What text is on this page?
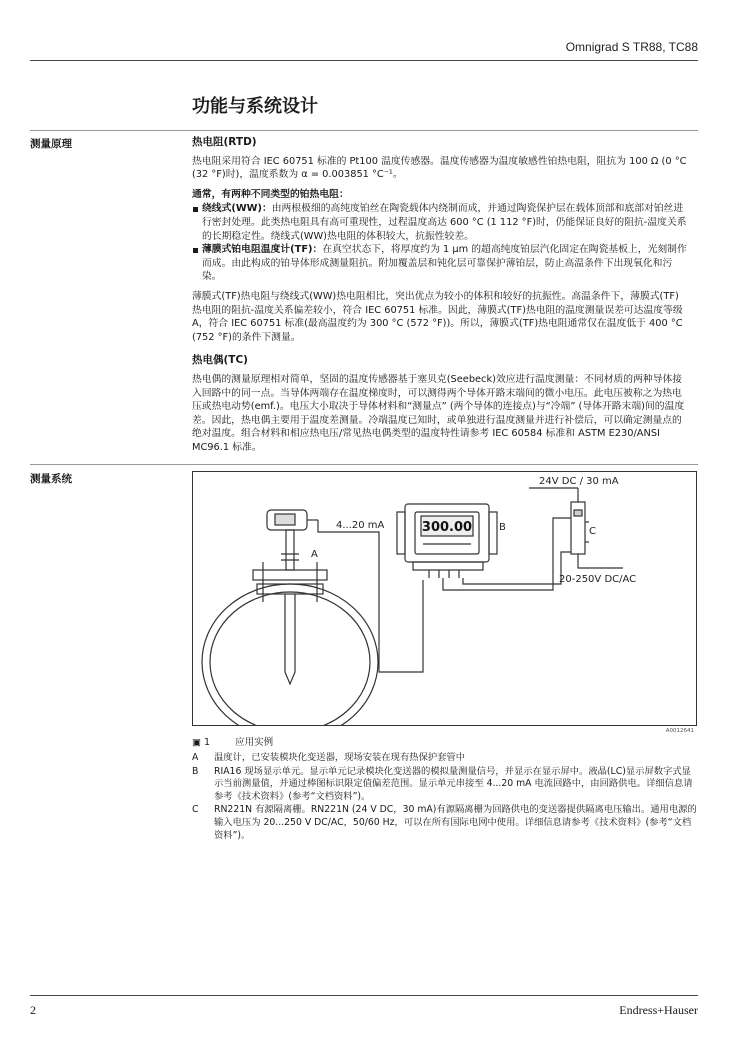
Omnigrad S TR88, TC88
功能与系统设计
测量原理	热电阻(RTD)

热电阻采用符合 IEC 60751 标准的 Pt100 温度传感器。温度传感器为温度敏感性铂热电阻，阻抗为 100 Ω (0 °C (32 °F)时)，温度系数为 α = 0.003851 °C⁻¹。

通常，有两种不同类型的铂热电阻：
绕线式(WW)：由两根极细的高纯度铂丝在陶瓷载体内绕制而成，并通过陶瓷保护层在载体顶部和底部对铂丝进行密封处理。此类热电阻具有高可重现性，过程温度高达 600 °C (1 112 °F)时，仍能保证良好的阻抗-温度关系的长期稳定性。绕线式(WW)热电阻的体积较大，抗振性较差。
薄膜式铂电阻温度计(TF)：在真空状态下，将厚度约为 1 μm 的超高纯度铂层汽化固定在陶瓷基板上，光刻制作而成。由此构成的铂导体形成测量阻抗。附加覆盖层和钝化层可靠保护薄铂层，防止高温条件下出现氧化和污染。

薄膜式(TF)热电阻与绕线式(WW)热电阻相比，突出优点为较小的体积和较好的抗振性。高温条件下，薄膜式(TF)热电阻的阻抗-温度关系偏差较小，符合 IEC 60751 标准。因此，薄膜式(TF)热电阻的温度测量误差可达温度等级 A，符合 IEC 60751 标准(最高温度约为 300 °C (572 °F))。所以，薄膜式(TF)热电阻通常仅在温度低于 400 °C (752 °F)的条件下测量。

热电偶(TC)

热电偶的测量原理相对简单，坚固的温度传感器基于塞贝克(Seebeck)效应进行温度测量：不同材质的两种导体接入回路中的同一点。当导体两端存在温度梯度时，可以测得两个导体开路末端间的微小电压。此电压被称之为热电压或热电动势(emf.)。电压大小取决于导体材料和“测量点” (两个导体的连接点)与“冷端” (导体开路末端)间的温度差。因此，热电偶主要用于温度差测量。冷端温度已知时，或单独进行温度测量并进行补偿后，可以确定测量点的绝对温度。组合材料和相应热电压/常见热电偶类型的温度特性请参考 IEC 60584 标准和 ASTM E230/ANSI MC96.1 标准。

测量系统
300.00
4...20 mA
24V DC / 30 mA
20-250V DC/AC
A
B	C
A0012641
▣ 1	应用实例
A	温度计，已安装模块化变送器，现场安装在现有热保护套管中
B	RIA16 现场显示单元。显示单元记录模块化变送器的模拟量测量信号，并显示在显示屏中。液晶(LC)显示屏数字式显示当前测量值，并通过棒图标识限定值偏差范围。显示单元串接至 4...20 mA 电流回路中，由回路供电。详细信息请参考《技术资料》(参考“文档资料”)。
C	RN221N 有源隔离栅。RN221N (24 V DC，30 mA)有源隔离栅为回路供电的变送器提供隔离电压输出。通用电源的输入电压为 20...250 V DC/AC，50/60 Hz，可以在所有国际电网中使用。详细信息请参考《技术资料》(参考“文档资料”)。
2	Endress+Hauser
